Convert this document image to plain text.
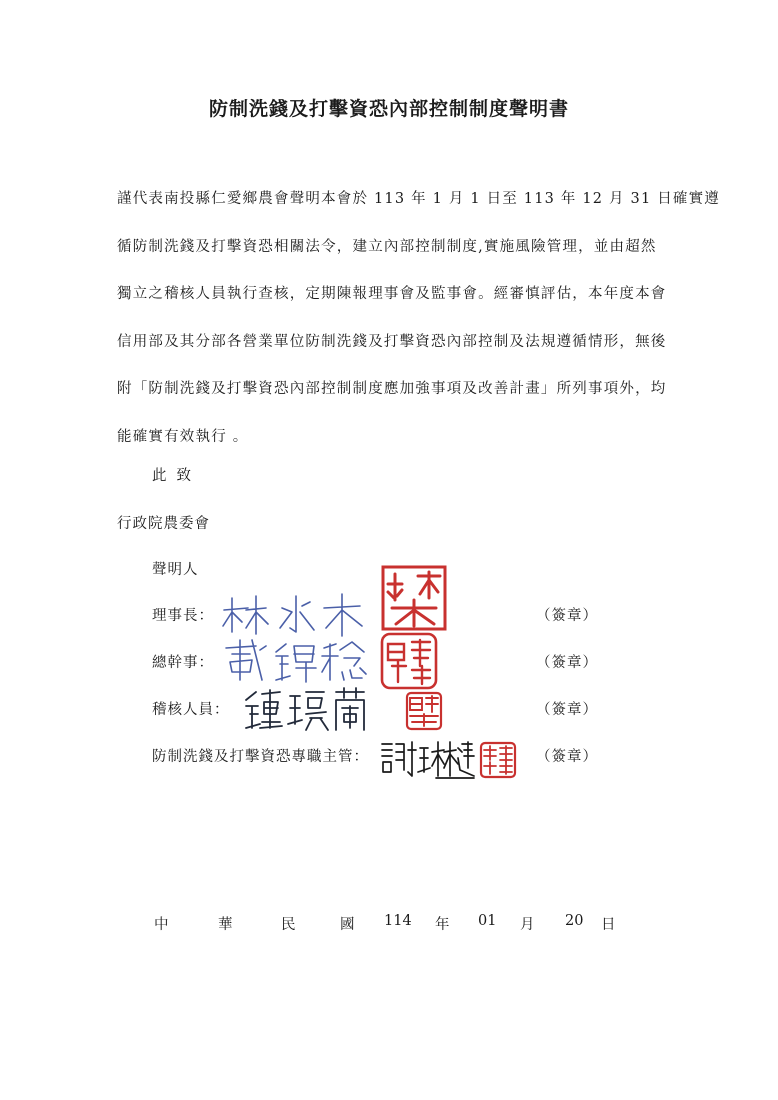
防制洗錢及打擊資恐內部控制制度聲明書
謹代表南投縣仁愛鄉農會聲明本會於 113 年 1 月 1 日至 113 年 12 月 31 日確實遵
循防制洗錢及打擊資恐相關法令，建立內部控制制度,實施風險管理，並由超然
獨立之稽核人員執行查核，定期陳報理事會及監事會。經審慎評估，本年度本會
信用部及其分部各營業單位防制洗錢及打擊資恐內部控制及法規遵循情形，無後
附「防制洗錢及打擊資恐內部控制制度應加強事項及改善計畫」所列事項外，均
能確實有效執行 。
此致
行政院農委會
聲明人
理事長：	（簽章）
總幹事：	（簽章）
稽核人員：	（簽章）
防制洗錢及打擊資恐專職主管：	（簽章）
中	華	民	國 114 年 01 月 20 日
